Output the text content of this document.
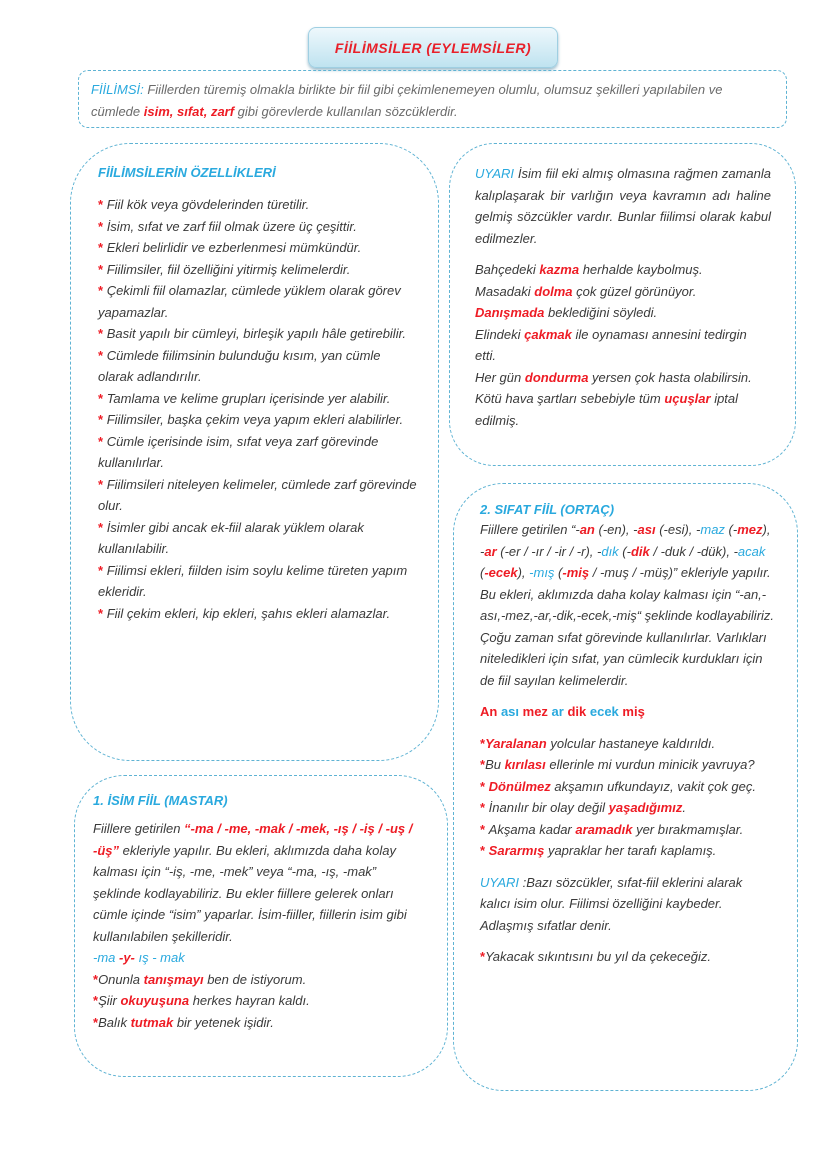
FİİLİMSİLER (EYLEMSİLER)

FİİLİMSİ: Fiillerden türemiş olmakla birlikte bir fiil gibi çekimlenemeyen olumlu, olumsuz şekilleri yapılabilen ve cümlede isim, sıfat, zarf gibi görevlerde kullanılan sözcüklerdir.

FİİLİMSİLERİN ÖZELLİKLERİ

* Fiil kök veya gövdelerinden türetilir.

* İsim, sıfat ve zarf fiil olmak üzere üç çeşittir.

* Ekleri belirlidir ve ezberlenmesi mümkündür.

* Fiilimsiler, fiil özelliğini yitirmiş kelimelerdir.

* Çekimli fiil olamazlar, cümlede yüklem olarak görev yapamazlar.

* Basit yapılı bir cümleyi, birleşik yapılı hâle getirebilir.

* Cümlede fiilimsinin bulunduğu kısım, yan cümle olarak adlandırılır.

* Tamlama ve kelime grupları içerisinde yer alabilir.

* Fiilimsiler, başka çekim veya yapım ekleri alabilirler.

* Cümle içerisinde isim, sıfat veya zarf görevinde kullanılırlar.

* Fiilimsileri niteleyen kelimeler, cümlede zarf görevinde olur.

* İsimler gibi ancak ek-fiil alarak yüklem olarak kullanılabilir.

* Fiilimsi ekleri, fiilden isim soylu kelime türeten yapım ekleridir.

* Fiil çekim ekleri, kip ekleri, şahıs ekleri alamazlar.

UYARI İsim fiil eki almış olmasına rağmen zamanla kalıplaşarak bir varlığın veya kavramın adı haline gelmiş sözcükler vardır. Bunlar fiilimsi olarak kabul edilmezler.

Bahçedeki kazma herhalde kaybolmuş.

Masadaki dolma çok güzel görünüyor.

Danışmada beklediğini söyledi.

Elindeki çakmak ile oynaması annesini tedirgin etti.

Her gün dondurma yersen çok hasta olabilirsin.

Kötü hava şartları sebebiyle tüm uçuşlar iptal edilmiş.

2. SIFAT FİİL (ORTAÇ)

Fiillere getirilen “-an (-en), -ası (-esi), -maz (-mez), -ar (-er / -ır / -ir / -r), -dık (-dik / -duk / -dük), -acak (-ecek), -mış (-miş / -muş / -müş)” ekleriyle yapılır. Bu ekleri, aklımızda daha kolay kalması için “-an,-ası,-mez,-ar,-dik,-ecek,-miş“ şeklinde kodlayabiliriz. Çoğu zaman sıfat görevinde kullanılırlar. Varlıkları niteledikleri için sıfat, yan cümlecik kurdukları için de fiil sayılan kelimelerdir.

An ası mez ar dik ecek miş

*Yaralanan yolcular hastaneye kaldırıldı.

*Bu kırılası ellerinle mi vurdun minicik yavruya?

* Dönülmez akşamın ufkundayız, vakit çok geç.

* İnanılır bir olay değil yaşadığımız.

* Akşama kadar aramadık yer bırakmamışlar.

* Sararmış yapraklar her tarafı kaplamış.

UYARI :Bazı sözcükler, sıfat-fiil eklerini alarak kalıcı isim olur. Fiilimsi özelliğini kaybeder. Adlaşmış sıfatlar denir.

*Yakacak sıkıntısını bu yıl da çekeceğiz.

1. İSİM FİİL (MASTAR)

Fiillere getirilen “-ma / -me, -mak / -mek, -ış / -iş / -uş / -üş” ekleriyle yapılır. Bu ekleri, aklımızda daha kolay kalması için “-iş, -me, -mek” veya “-ma, -ış, -mak” şeklinde kodlayabiliriz. Bu ekler fiillere gelerek onları cümle içinde “isim” yaparlar. İsim-fiiller, fiillerin isim gibi kullanılabilen şekilleridir.

-ma -y- ış - mak

*Onunla tanışmayı ben de istiyorum.

*Şiir okuyuşuna herkes hayran kaldı.

*Balık tutmak bir yetenek işidir.
